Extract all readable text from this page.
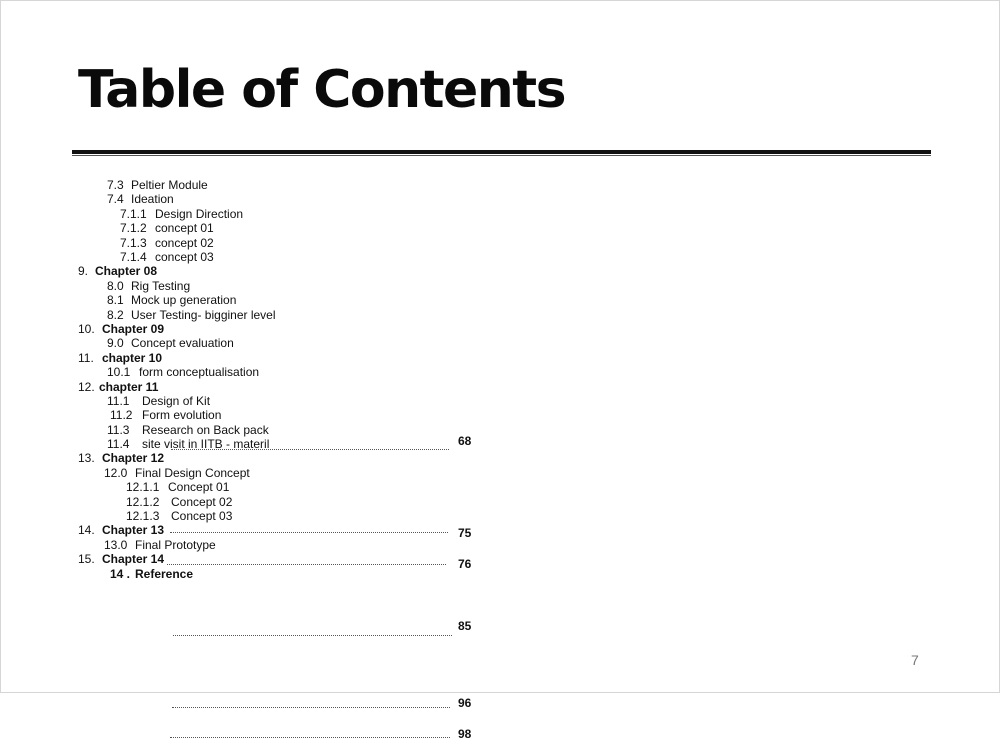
Table of Contents
7.3 Peltier Module
7.4 Ideation
7.1.1 Design Direction
7.1.2 concept 01
7.1.3 concept 02
7.1.4 concept 03
9. Chapter 08
68
8.0 Rig Testing
8.1 Mock up generation
8.2 User Testing- bigginer level
10. Chapter 09
9.0 Concept evaluation
11. chapter 10
75
10.1 form conceptualisation
12. chapter 11
76
11.1 Design of Kit
11.2 Form evolution
11.3 Research on Back pack
11.4 site visit in IITB - materil
85
13. Chapter 12
12.0 Final Design Concept
12.1.1 Concept 01
12.1.2 Concept 02
12.1.3 Concept 03
14. Chapter 13
96
13.0 Final Prototype
15. Chapter 14
98
14 . Reference
7
